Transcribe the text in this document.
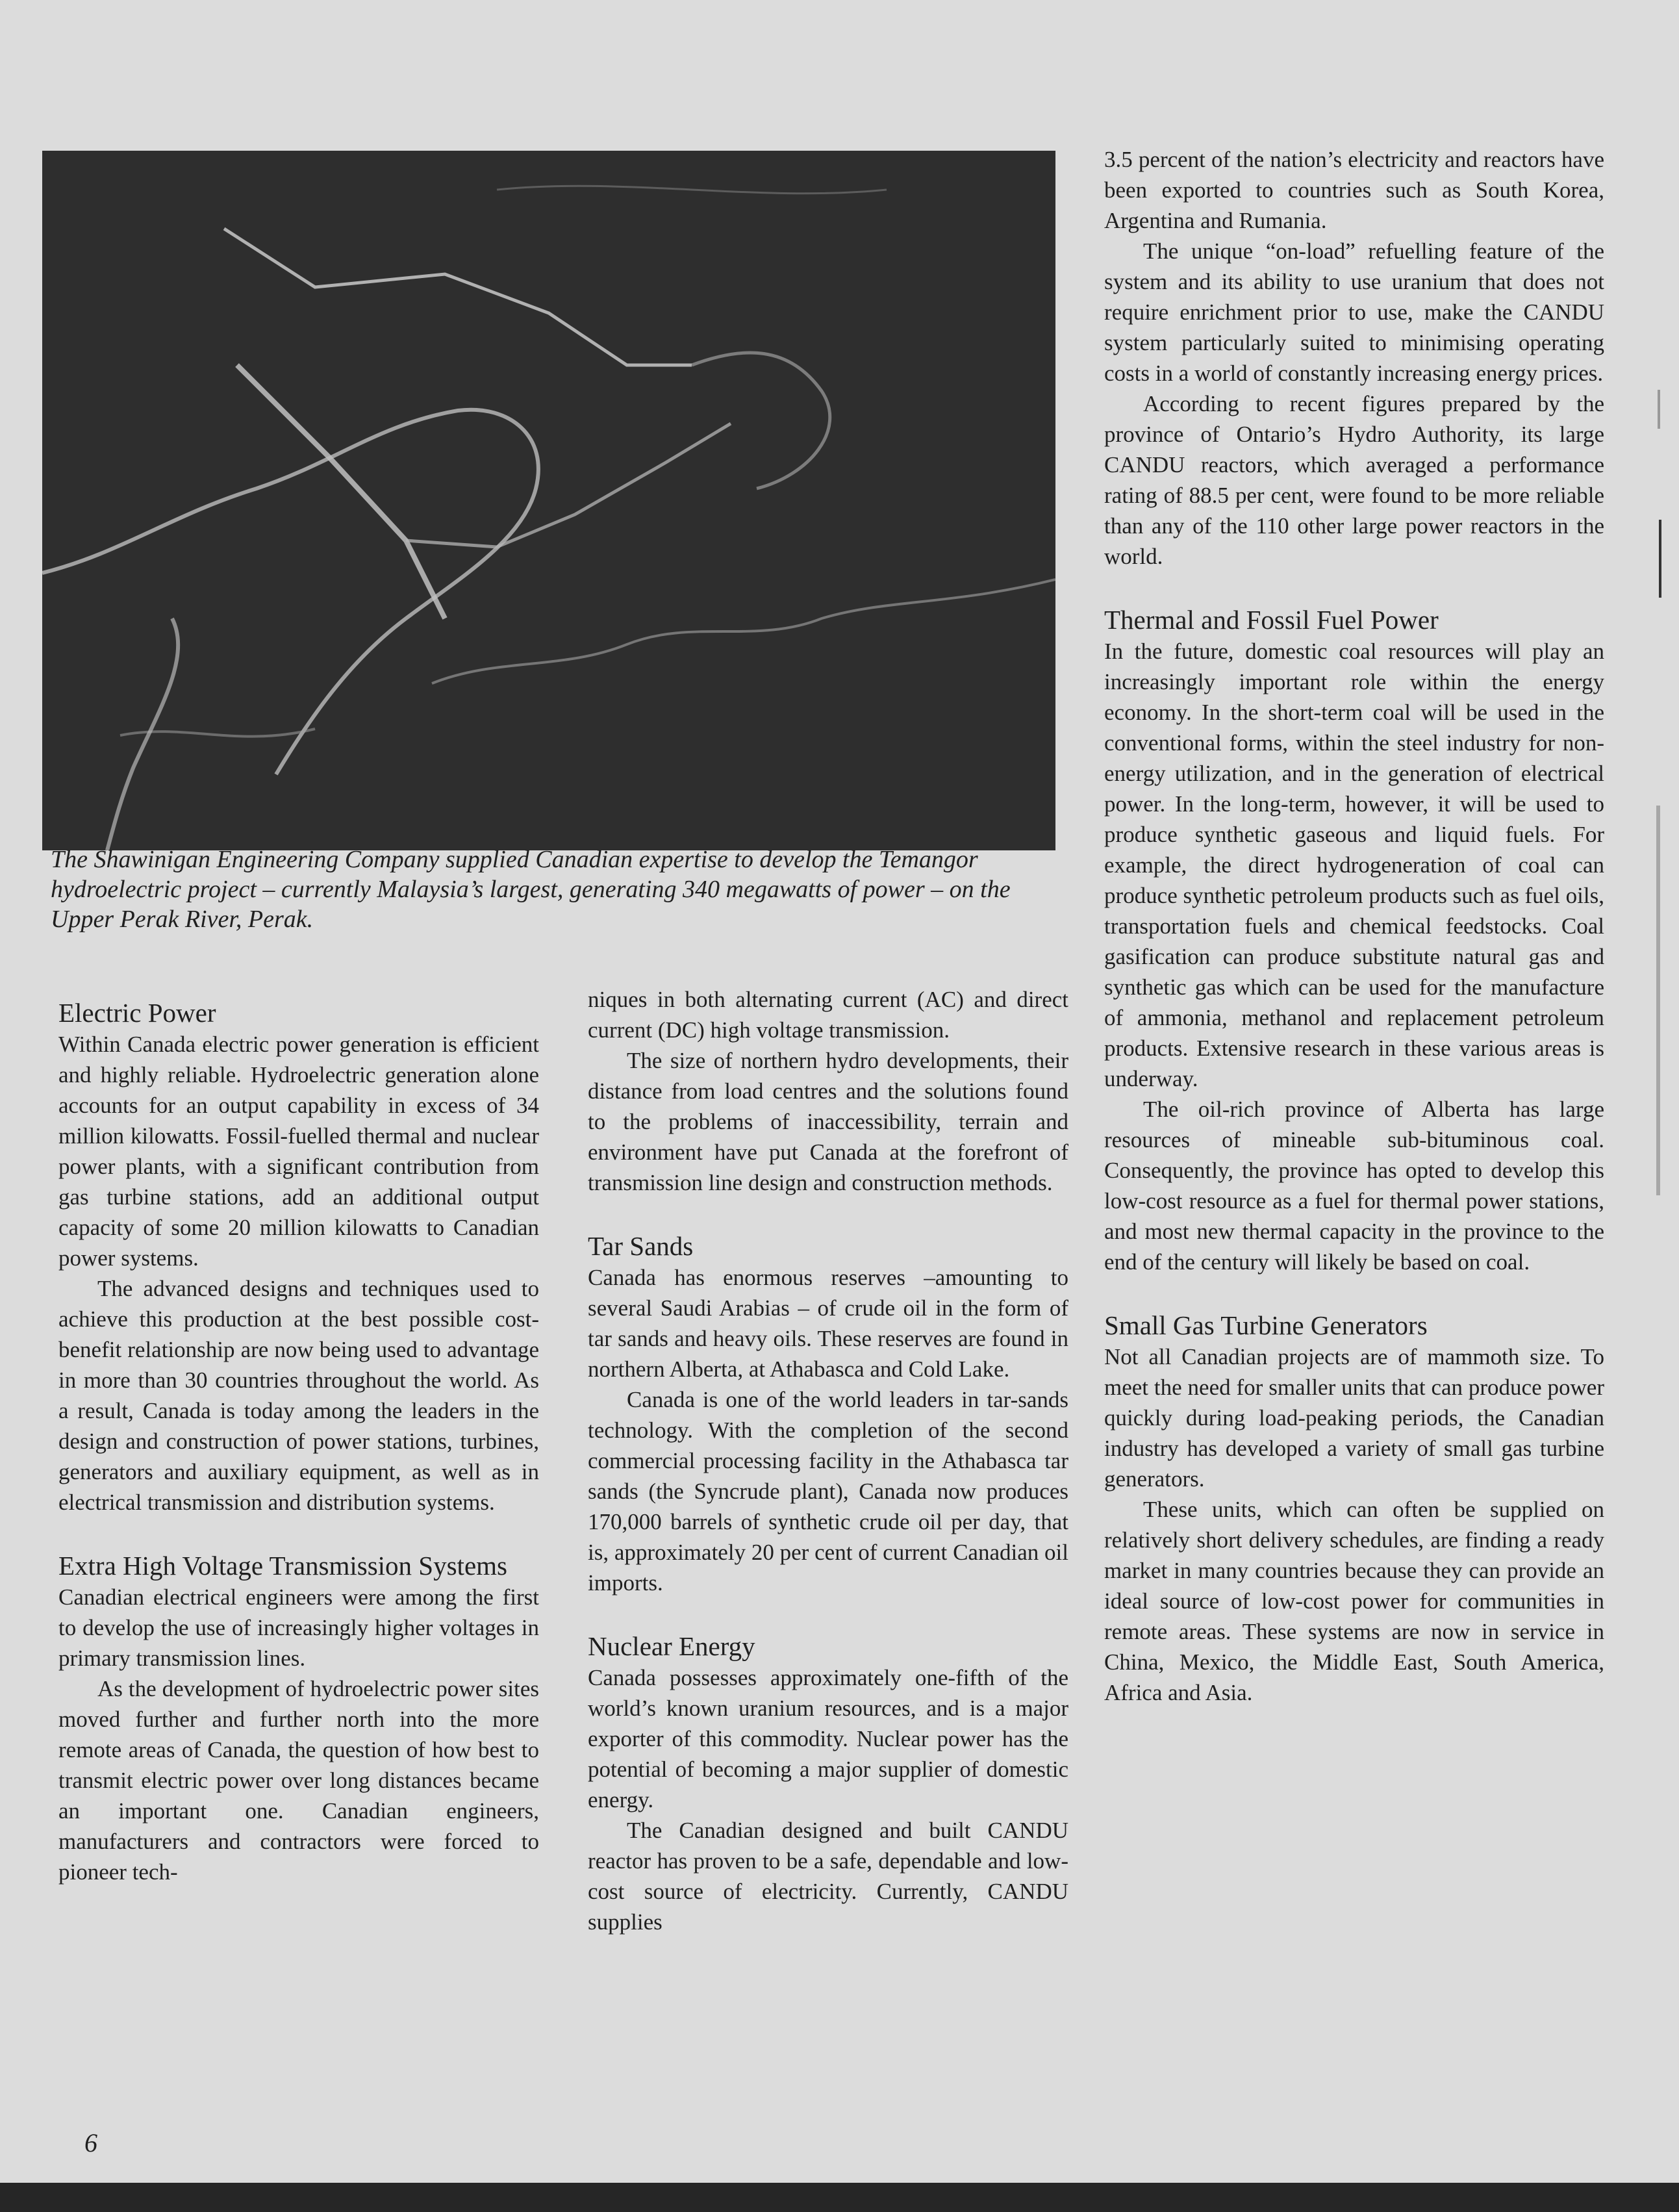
The Shawinigan Engineering Company supplied Canadian expertise to develop the Temangor hydroelectric project – currently Malaysia’s largest, generating 340 megawatts of power – on the Upper Perak River, Perak.
Electric Power

Within Canada electric power generation is efficient and highly reliable. Hydroelectric generation alone accounts for an output capability in excess of 34 million kilowatts. Fossil-fuelled thermal and nuclear power plants, with a significant contribution from gas turbine stations, add an additional output capacity of some 20 million kilowatts to Canadian power systems.

The advanced designs and techniques used to achieve this production at the best possible cost-benefit relationship are now being used to advantage in more than 30 countries throughout the world. As a result, Canada is today among the leaders in the design and construction of power stations, turbines, generators and auxiliary equipment, as well as in electrical transmission and distribution systems.

Extra High Voltage Transmission Systems

Canadian electrical engineers were among the first to develop the use of increasingly higher voltages in primary transmission lines.

As the development of hydroelectric power sites moved further and further north into the more remote areas of Canada, the question of how best to transmit electric power over long distances became an important one. Canadian engineers, manufacturers and contractors were forced to pioneer tech-

niques in both alternating current (AC) and direct current (DC) high voltage transmission.

The size of northern hydro developments, their distance from load centres and the solutions found to the problems of inaccessibility, terrain and environment have put Canada at the forefront of transmission line design and construction methods.

Tar Sands

Canada has enormous reserves –amounting to several Saudi Arabias – of crude oil in the form of tar sands and heavy oils. These reserves are found in northern Alberta, at Athabasca and Cold Lake.

Canada is one of the world leaders in tar-sands technology. With the completion of the second commercial processing facility in the Athabasca tar sands (the Syncrude plant), Canada now produces 170,000 barrels of synthetic crude oil per day, that is, approximately 20 per cent of current Canadian oil imports.

Nuclear Energy

Canada possesses approximately one-fifth of the world’s known uranium resources, and is a major exporter of this commodity. Nuclear power has the potential of becoming a major supplier of domestic energy.

The Canadian designed and built CANDU reactor has proven to be a safe, dependable and low-cost source of electricity. Currently, CANDU supplies

3.5 percent of the nation’s electricity and reactors have been exported to countries such as South Korea, Argentina and Rumania.

The unique “on-load” refuelling feature of the system and its ability to use uranium that does not require enrichment prior to use, make the CANDU system particularly suited to minimising operating costs in a world of constantly increasing energy prices.

According to recent figures prepared by the province of Ontario’s Hydro Authority, its large CANDU reactors, which averaged a performance rating of 88.5 per cent, were found to be more reliable than any of the 110 other large power reactors in the world.

Thermal and Fossil Fuel Power

In the future, domestic coal resources will play an increasingly important role within the energy economy. In the short-term coal will be used in the conventional forms, within the steel industry for non-energy utilization, and in the generation of electrical power. In the long-term, however, it will be used to produce synthetic gaseous and liquid fuels. For example, the direct hydrogeneration of coal can produce synthetic petroleum products such as fuel oils, transportation fuels and chemical feedstocks. Coal gasification can produce substitute natural gas and synthetic gas which can be used for the manufacture of ammonia, methanol and replacement petroleum products. Extensive research in these various areas is underway.

The oil-rich province of Alberta has large resources of mineable sub-bituminous coal. Consequently, the province has opted to develop this low-cost resource as a fuel for thermal power stations, and most new thermal capacity in the province to the end of the century will likely be based on coal.

Small Gas Turbine Generators

Not all Canadian projects are of mammoth size. To meet the need for smaller units that can produce power quickly during load-peaking periods, the Canadian industry has developed a variety of small gas turbine generators.

These units, which can often be supplied on relatively short delivery schedules, are finding a ready market in many countries because they can provide an ideal source of low-cost power for communities in remote areas. These systems are now in service in China, Mexico, the Middle East, South America, Africa and Asia.

6
